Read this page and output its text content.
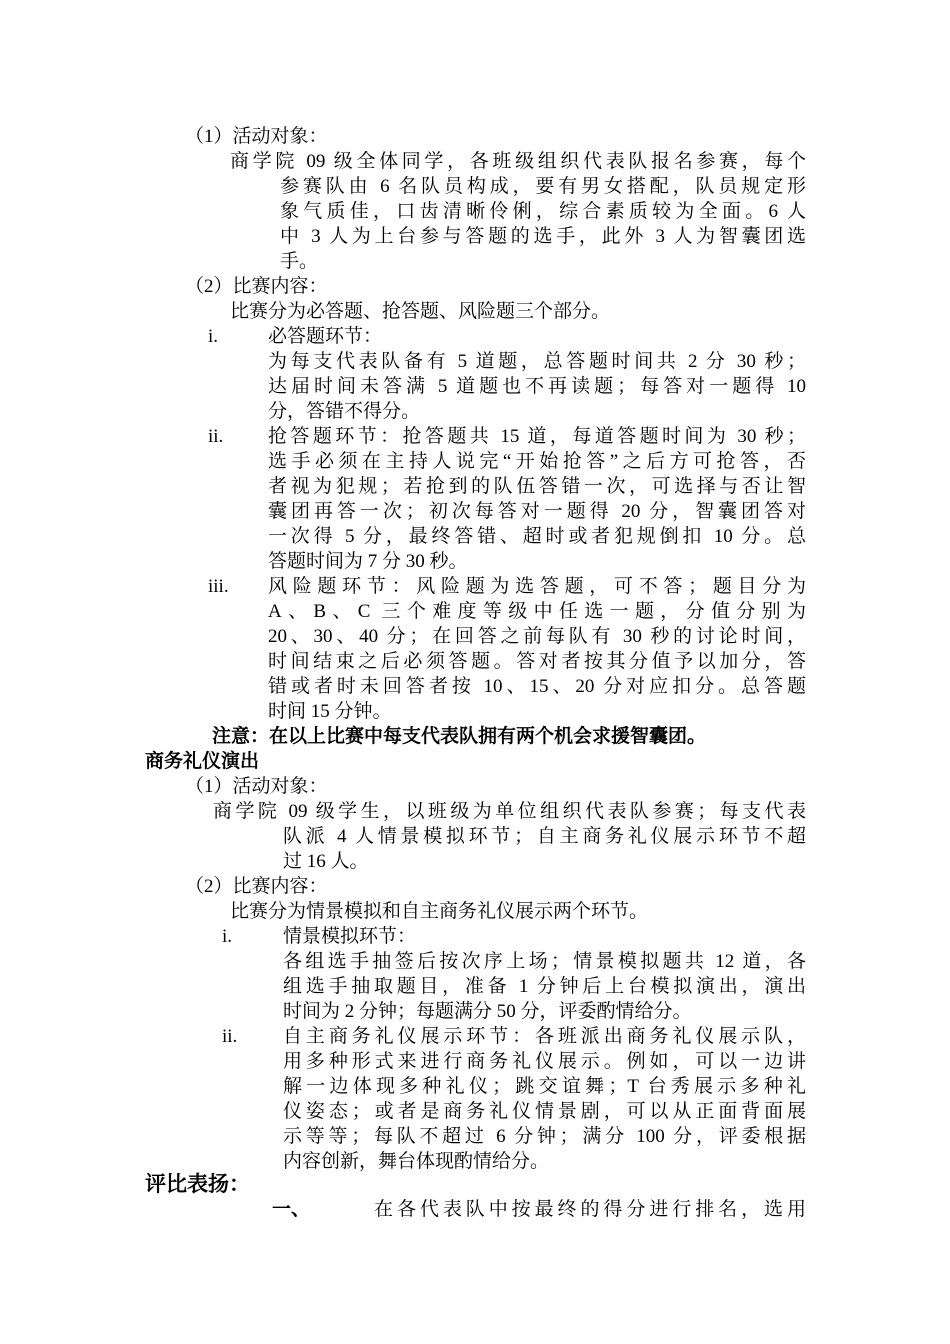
（1）活动对象：
商学院 09 级全体同学，各班级组织代表队报名参赛，每个
参赛队由 6 名队员构成，要有男女搭配，队员规定形
象气质佳，口齿清晰伶俐，综合素质较为全面。6 人
中 3 人为上台参与答题的选手，此外 3 人为智囊团选
手。
（2）比赛内容：
比赛分为必答题、抢答题、风险题三个部分。
i.	必答题环节：
为每支代表队备有 5 道题，总答题时间共 2 分 30 秒；
达届时间未答满 5 道题也不再读题；每答对一题得 10
分，答错不得分。
ii. 抢答题环节：抢答题共 15 道，每道答题时间为 30 秒；
选手必须在主持人说完“开始抢答”之后方可抢答，否
者视为犯规；若抢到的队伍答错一次，可选择与否让智
囊团再答一次；初次每答对一题得 20 分，智囊团答对
一次得 5 分，最终答错、超时或者犯规倒扣 10 分。总
答题时间为 7 分 30 秒。
iii. 风险题环节：风险题为选答题，可不答；题目分为
A、B、C 三个难度等级中任选一题，分值分别为
20、30、40 分；在回答之前每队有 30 秒的讨论时间，
时间结束之后必须答题。答对者按其分值予以加分，答
错或者时未回答者按 10、15、20 分对应扣分。总答题
时间 15 分钟。
注意：在以上比赛中每支代表队拥有两个机会求援智囊团。
商务礼仪演出
（1）活动对象：
商学院 09 级学生，以班级为单位组织代表队参赛；每支代表
队派 4 人情景模拟环节；自主商务礼仪展示环节不超
过 16 人。
（2）比赛内容：
比赛分为情景模拟和自主商务礼仪展示两个环节。
i.	情景模拟环节：
各组选手抽签后按次序上场；情景模拟题共 12 道，各
组选手抽取题目，准备 1 分钟后上台模拟演出，演出
时间为 2 分钟；每题满分 50 分，评委酌情给分。
ii. 自主商务礼仪展示环节：各班派出商务礼仪展示队，
用多种形式来进行商务礼仪展示。例如，可以一边讲
解一边体现多种礼仪；跳交谊舞；T 台秀展示多种礼
仪姿态；或者是商务礼仪情景剧，可以从正面背面展
示等等；每队不超过 6 分钟；满分 100 分，评委根据
内容创新，舞台体现酌情给分。
评比表扬：
一、	在各代表队中按最终的得分进行排名，选用
